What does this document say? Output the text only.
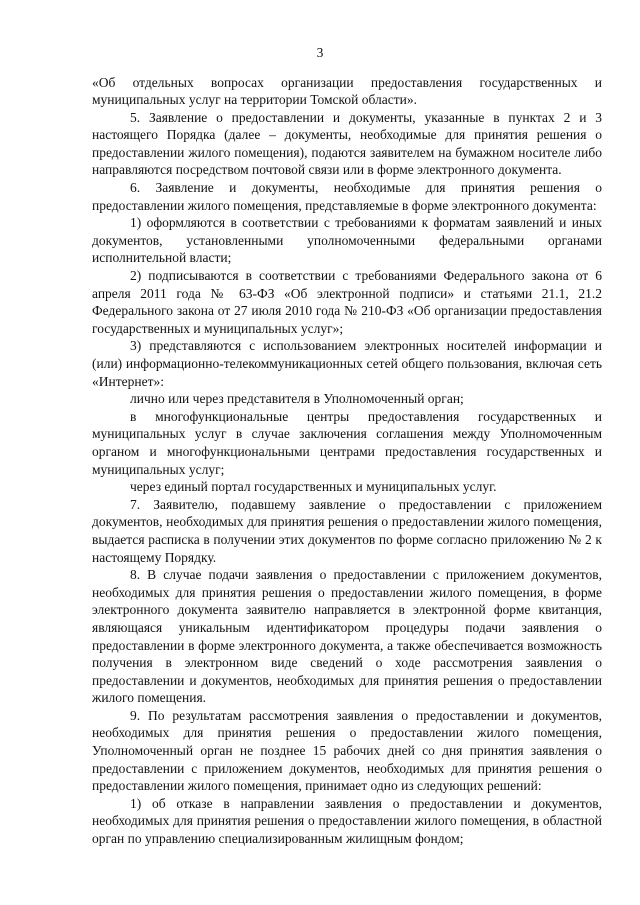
3

«Об отдельных вопросах организации предоставления государственных и муниципальных услуг на территории Томской области».

5. Заявление о предоставлении и документы, указанные в пунктах 2 и 3 настоящего Порядка (далее – документы, необходимые для принятия решения о предоставлении жилого помещения), подаются заявителем на бумажном носителе либо направляются посредством почтовой связи или в форме электронного документа.

6. Заявление и документы, необходимые для принятия решения о предоставлении жилого помещения, представляемые в форме электронного документа:

1) оформляются в соответствии с требованиями к форматам заявлений и иных документов, установленными уполномоченными федеральными органами исполнительной власти;

2) подписываются в соответствии с требованиями Федерального закона от 6 апреля 2011 года № 63-ФЗ «Об электронной подписи» и статьями 21.1, 21.2 Федерального закона от 27 июля 2010 года № 210-ФЗ «Об организации предоставления государственных и муниципальных услуг»;

3) представляются с использованием электронных носителей информации и (или) информационно-телекоммуникационных сетей общего пользования, включая сеть «Интернет»:

лично или через представителя в Уполномоченный орган;

в многофункциональные центры предоставления государственных и муниципальных услуг в случае заключения соглашения между Уполномоченным органом и многофункциональными центрами предоставления государственных и муниципальных услуг;

через единый портал государственных и муниципальных услуг.

7. Заявителю, подавшему заявление о предоставлении с приложением документов, необходимых для принятия решения о предоставлении жилого помещения, выдается расписка в получении этих документов по форме согласно приложению № 2 к настоящему Порядку.

8. В случае подачи заявления о предоставлении с приложением документов, необходимых для принятия решения о предоставлении жилого помещения, в форме электронного документа заявителю направляется в электронной форме квитанция, являющаяся уникальным идентификатором процедуры подачи заявления о предоставлении в форме электронного документа, а также обеспечивается возможность получения в электронном виде сведений о ходе рассмотрения заявления о предоставлении и документов, необходимых для принятия решения о предоставлении жилого помещения.

9. По результатам рассмотрения заявления о предоставлении и документов, необходимых для принятия решения о предоставлении жилого помещения, Уполномоченный орган не позднее 15 рабочих дней со дня принятия заявления о предоставлении с приложением документов, необходимых для принятия решения о предоставлении жилого помещения, принимает одно из следующих решений:

1) об отказе в направлении заявления о предоставлении и документов, необходимых для принятия решения о предоставлении жилого помещения, в областной орган по управлению специализированным жилищным фондом;
